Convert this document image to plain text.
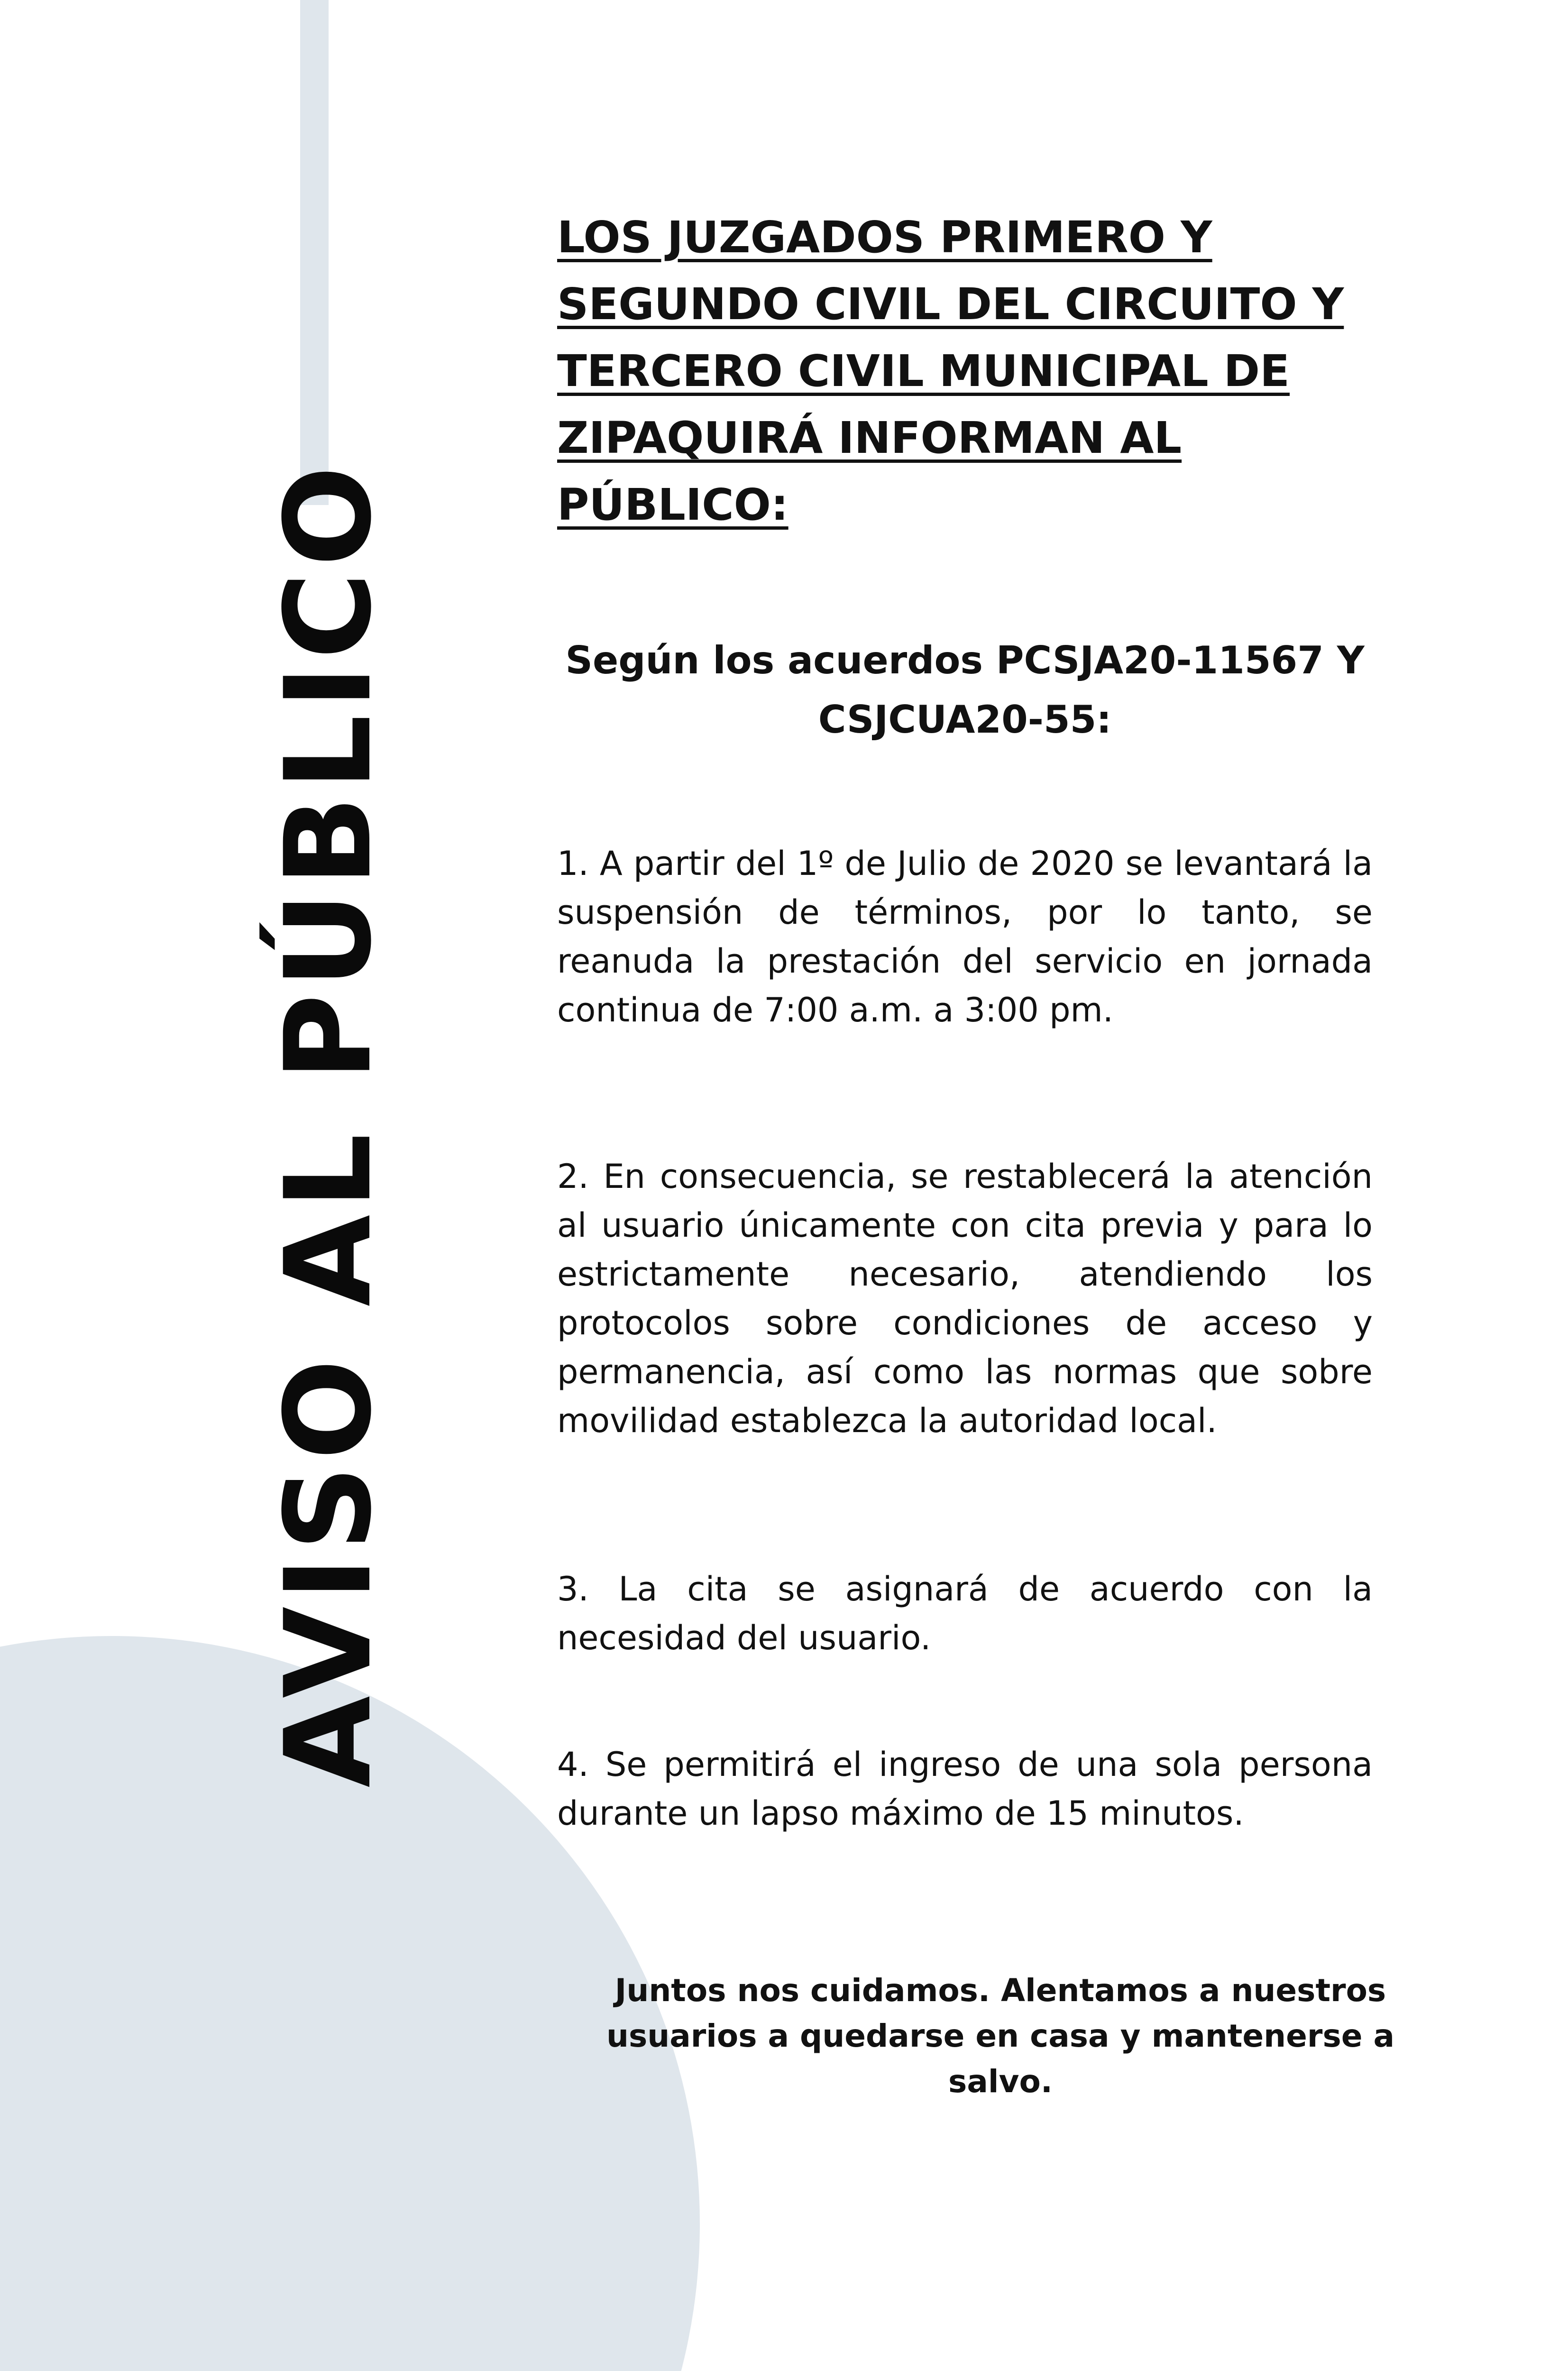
AVISO AL PÚBLICO
LOS JUZGADOS PRIMERO Y SEGUNDO CIVIL DEL CIRCUITO Y TERCERO CIVIL MUNICIPAL DE ZIPAQUIRÁ INFORMAN AL PÚBLICO:
Según los acuerdos PCSJA20-11567 Y CSJCUA20-55:

1. A partir del 1º de Julio de 2020 se levantará la suspensión de términos, por lo tanto, se reanuda la prestación del servicio en jornada continua de 7:00 a.m. a 3:00 pm.

2. En consecuencia, se restablecerá la atención al usuario únicamente con cita previa y para lo estrictamente necesario, atendiendo los protocolos sobre condiciones de acceso y permanencia, así como las normas que sobre movilidad establezca la autoridad local.

3. La cita se asignará de acuerdo con la necesidad del usuario.

4. Se permitirá el ingreso de una sola persona durante un lapso máximo de 15 minutos.

Juntos nos cuidamos. Alentamos a nuestros usuarios a quedarse en casa y mantenerse a salvo.
